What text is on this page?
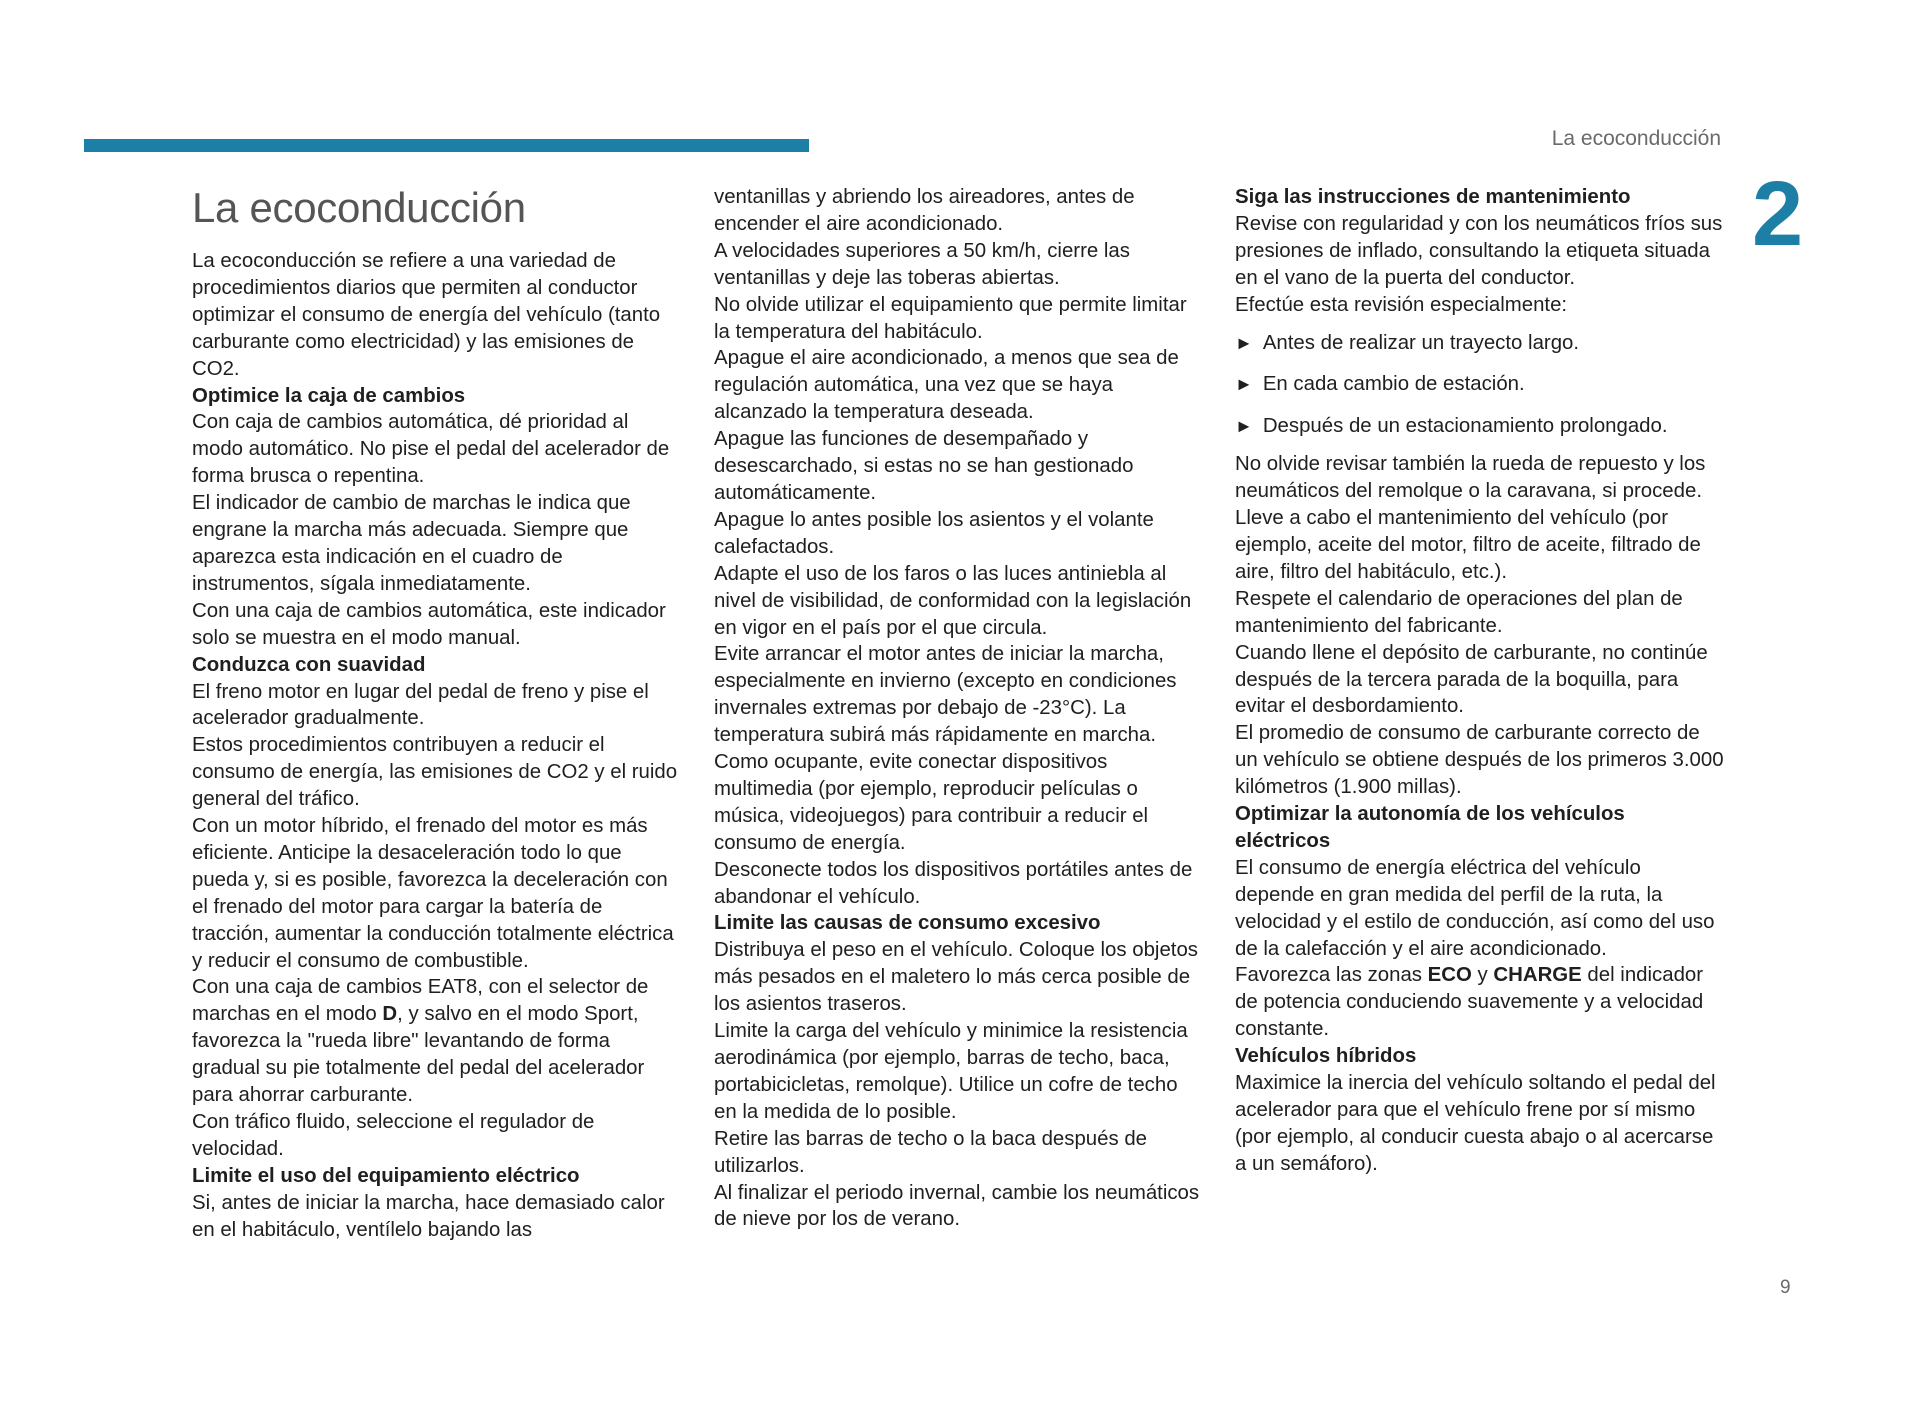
La ecoconducción
2
9
La ecoconducción

La ecoconducción se refiere a una variedad de procedimientos diarios que permiten al conductor optimizar el consumo de energía del vehículo (tanto carburante como electricidad) y las emisiones de CO2.

Optimice la caja de cambios

Con caja de cambios automática, dé prioridad al modo automático. No pise el pedal del acelerador de forma brusca o repentina.

El indicador de cambio de marchas le indica que engrane la marcha más adecuada. Siempre que aparezca esta indicación en el cuadro de instrumentos, sígala inmediatamente.

Con una caja de cambios automática, este indicador solo se muestra en el modo manual.

Conduzca con suavidad

El freno motor en lugar del pedal de freno y pise el acelerador gradualmente.

Estos procedimientos contribuyen a reducir el consumo de energía, las emisiones de CO2 y el ruido general del tráfico.

Con un motor híbrido, el frenado del motor es más eficiente. Anticipe la desaceleración todo lo que pueda y, si es posible, favorezca la deceleración con el frenado del motor para cargar la batería de tracción, aumentar la conducción totalmente eléctrica y reducir el consumo de combustible.

Con una caja de cambios EAT8, con el selector de marchas en el modo D, y salvo en el modo Sport, favorezca la "rueda libre" levantando de forma gradual su pie totalmente del pedal del acelerador para ahorrar carburante.

Con tráfico fluido, seleccione el regulador de velocidad.

Limite el uso del equipamiento eléctrico

Si, antes de iniciar la marcha, hace demasiado calor en el habitáculo, ventílelo bajando las

ventanillas y abriendo los aireadores, antes de encender el aire acondicionado.

A velocidades superiores a 50 km/h, cierre las ventanillas y deje las toberas abiertas.

No olvide utilizar el equipamiento que permite limitar la temperatura del habitáculo.

Apague el aire acondicionado, a menos que sea de regulación automática, una vez que se haya alcanzado la temperatura deseada.

Apague las funciones de desempañado y desescarchado, si estas no se han gestionado automáticamente.

Apague lo antes posible los asientos y el volante calefactados.

Adapte el uso de los faros o las luces antiniebla al nivel de visibilidad, de conformidad con la legislación en vigor en el país por el que circula.

Evite arrancar el motor antes de iniciar la marcha, especialmente en invierno (excepto en condiciones invernales extremas por debajo de -23°C). La temperatura subirá más rápidamente en marcha.

Como ocupante, evite conectar dispositivos multimedia (por ejemplo, reproducir películas o música, videojuegos) para contribuir a reducir el consumo de energía.

Desconecte todos los dispositivos portátiles antes de abandonar el vehículo.

Limite las causas de consumo excesivo

Distribuya el peso en el vehículo. Coloque los objetos más pesados en el maletero lo más cerca posible de los asientos traseros.

Limite la carga del vehículo y minimice la resistencia aerodinámica (por ejemplo, barras de techo, baca, portabicicletas, remolque). Utilice un cofre de techo en la medida de lo posible.

Retire las barras de techo o la baca después de utilizarlos.

Al finalizar el periodo invernal, cambie los neumáticos de nieve por los de verano.

Siga las instrucciones de mantenimiento

Revise con regularidad y con los neumáticos fríos sus presiones de inflado, consultando la etiqueta situada en el vano de la puerta del conductor.

Efectúe esta revisión especialmente:

► Antes de realizar un trayecto largo.
► En cada cambio de estación.
► Después de un estacionamiento prolongado.

No olvide revisar también la rueda de repuesto y los neumáticos del remolque o la caravana, si procede.

Lleve a cabo el mantenimiento del vehículo (por ejemplo, aceite del motor, filtro de aceite, filtrado de aire, filtro del habitáculo, etc.).

Respete el calendario de operaciones del plan de mantenimiento del fabricante.

Cuando llene el depósito de carburante, no continúe después de la tercera parada de la boquilla, para evitar el desbordamiento.

El promedio de consumo de carburante correcto de un vehículo se obtiene después de los primeros 3.000 kilómetros (1.900 millas).

Optimizar la autonomía de los vehículos eléctricos

El consumo de energía eléctrica del vehículo depende en gran medida del perfil de la ruta, la velocidad y el estilo de conducción, así como del uso de la calefacción y el aire acondicionado.

Favorezca las zonas ECO y CHARGE del indicador de potencia conduciendo suavemente y a velocidad constante.

Vehículos híbridos

Maximice la inercia del vehículo soltando el pedal del acelerador para que el vehículo frene por sí mismo (por ejemplo, al conducir cuesta abajo o al acercarse a un semáforo).
